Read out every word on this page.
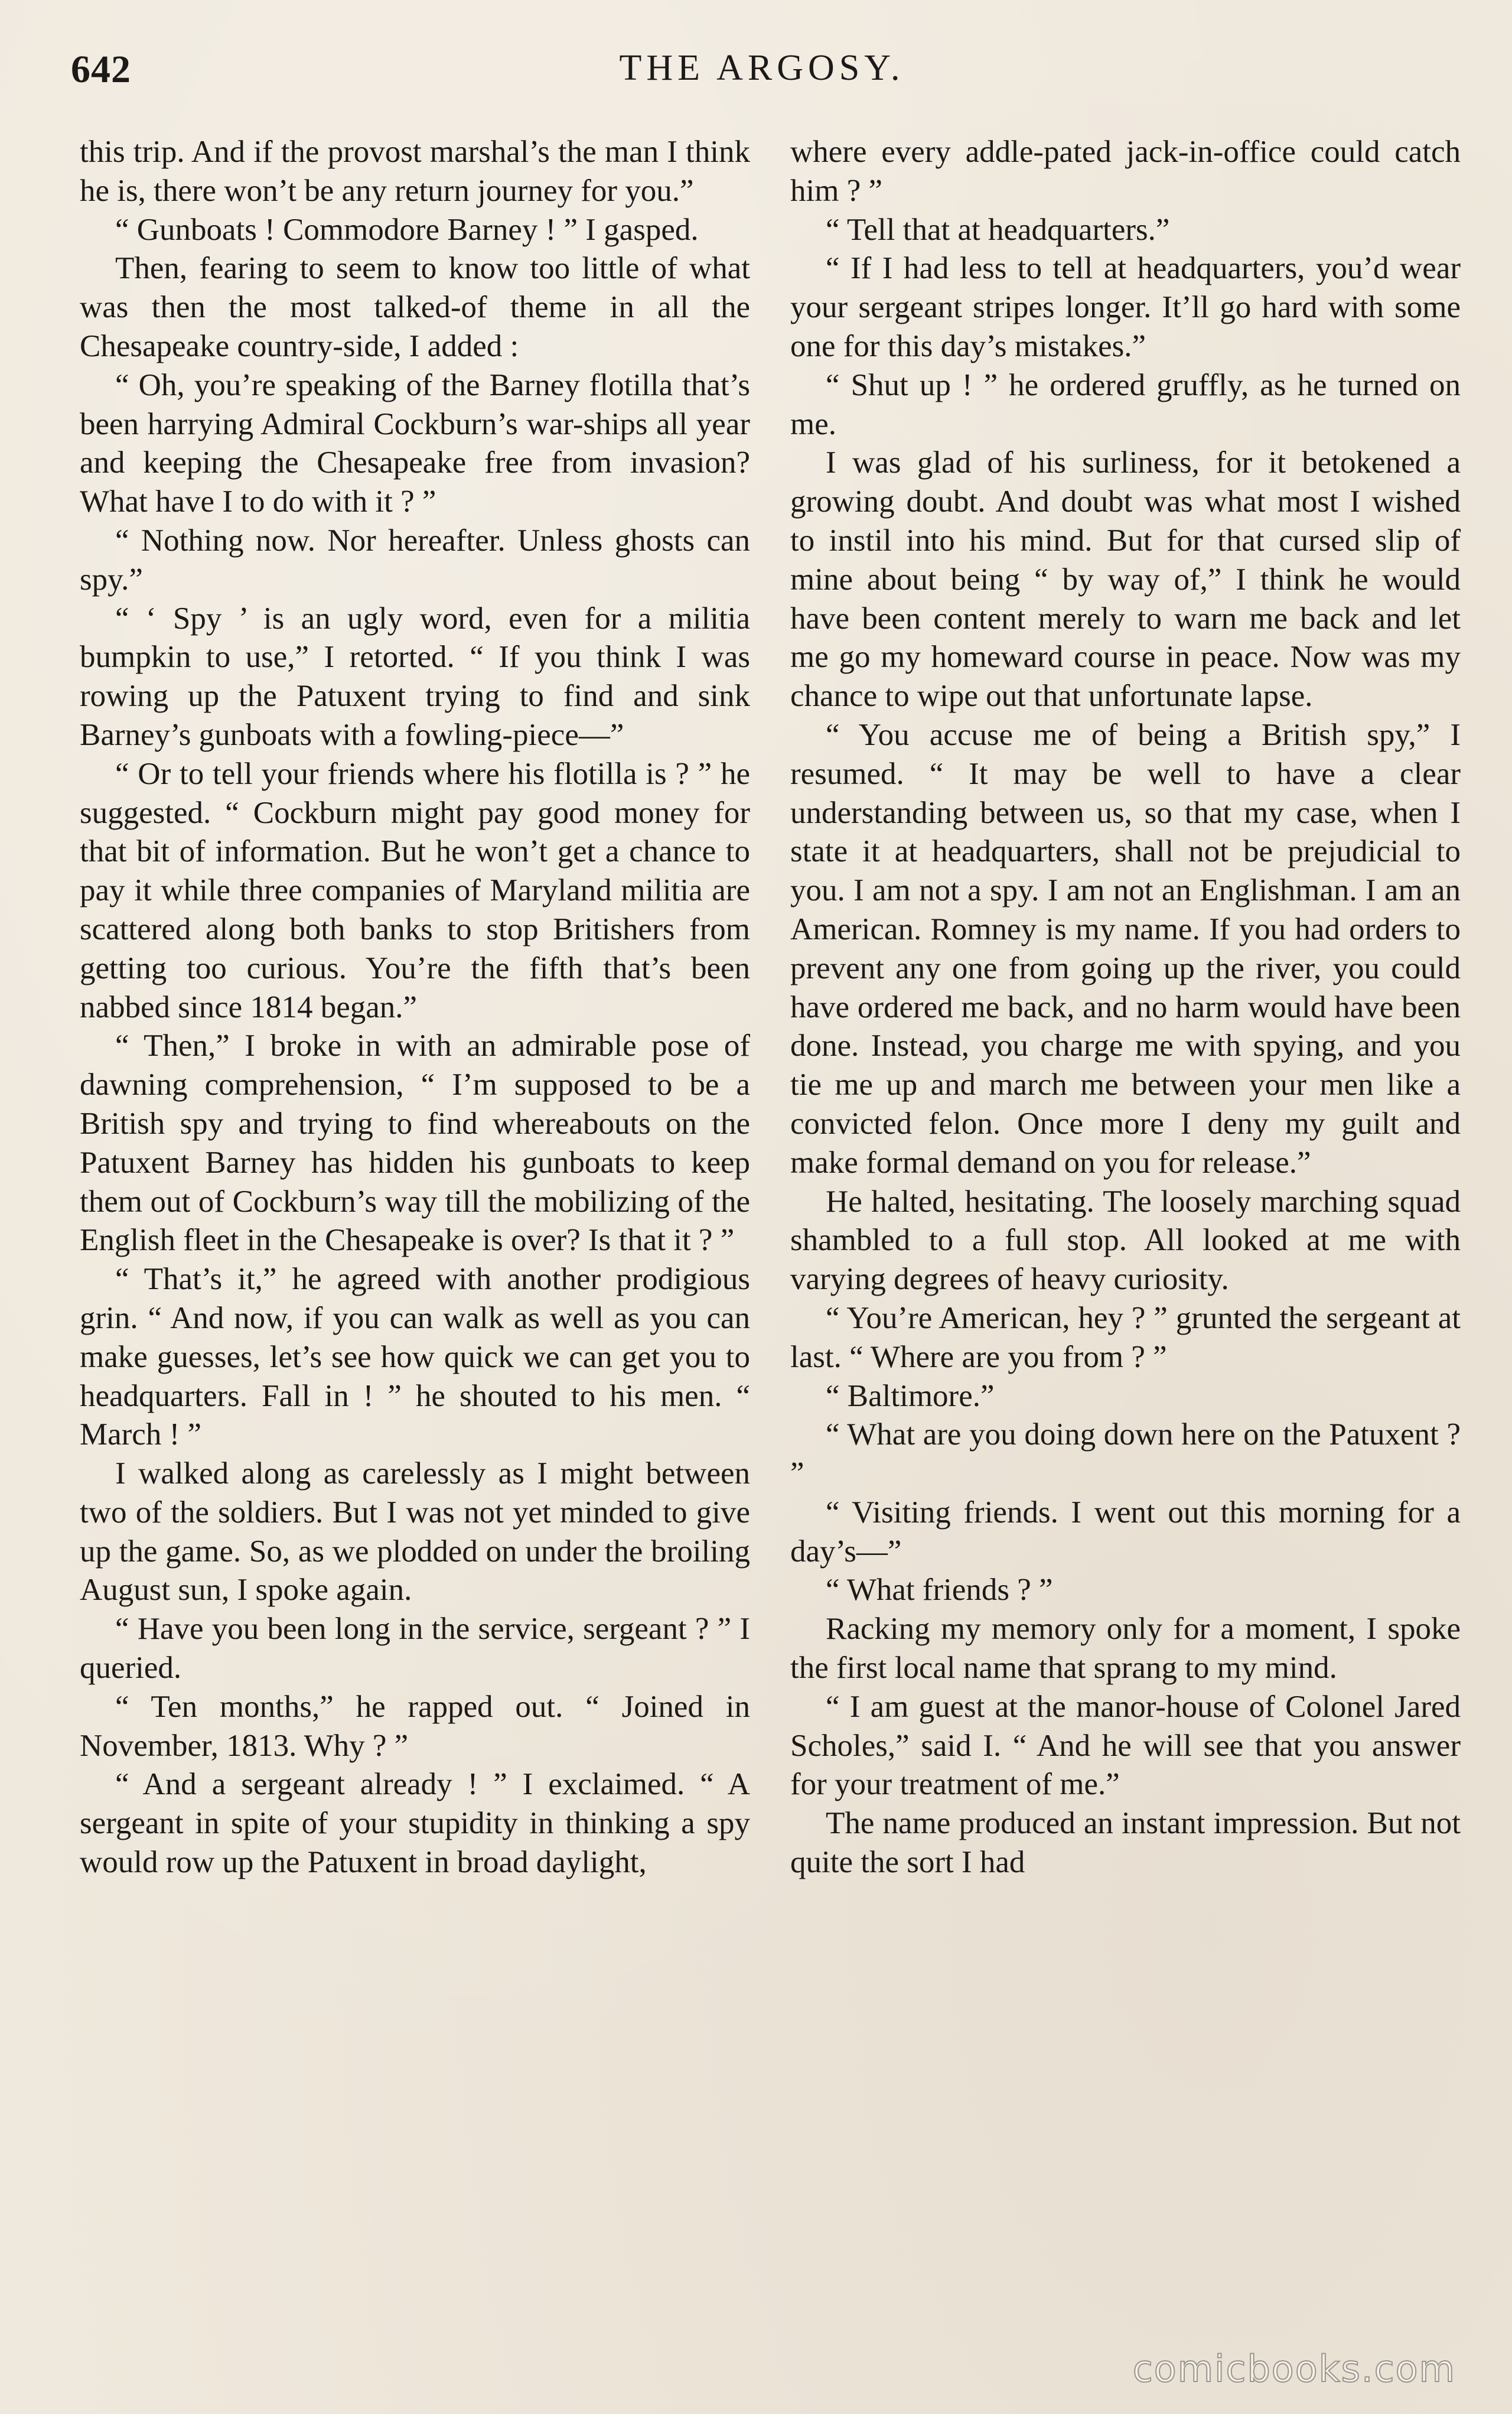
642	THE ARGOSY.

this trip. And if the provost marshal’s the man I think he is, there won’t be any return journey for you.”

“ Gunboats ! Commodore Barney ! ” I gasped.

Then, fearing to seem to know too little of what was then the most talked-of theme in all the Chesapeake country-side, I added :

“ Oh, you’re speaking of the Barney flotilla that’s been harrying Admiral Cockburn’s war-ships all year and keeping the Chesapeake free from invasion? What have I to do with it ? ”

“ Nothing now. Nor hereafter. Unless ghosts can spy.”

“ ‘ Spy ’ is an ugly word, even for a militia bumpkin to use,” I retorted. “ If you think I was rowing up the Patuxent trying to find and sink Barney’s gunboats with a fowling-piece—”

“ Or to tell your friends where his flotilla is ? ” he suggested. “ Cockburn might pay good money for that bit of information. But he won’t get a chance to pay it while three companies of Maryland militia are scattered along both banks to stop Britishers from getting too curious. You’re the fifth that’s been nabbed since 1814 began.”

“ Then,” I broke in with an admirable pose of dawning comprehension, “ I’m supposed to be a British spy and trying to find whereabouts on the Patuxent Barney has hidden his gunboats to keep them out of Cockburn’s way till the mobilizing of the English fleet in the Chesapeake is over? Is that it ? ”

“ That’s it,” he agreed with another prodigious grin. “ And now, if you can walk as well as you can make guesses, let’s see how quick we can get you to headquarters. Fall in ! ” he shouted to his men. “ March ! ”

I walked along as carelessly as I might between two of the soldiers. But I was not yet minded to give up the game. So, as we plodded on under the broiling August sun, I spoke again.

“ Have you been long in the service, sergeant ? ” I queried.

“ Ten months,” he rapped out. “ Joined in November, 1813. Why ? ”

“ And a sergeant already ! ” I exclaimed. “ A sergeant in spite of your stupidity in thinking a spy would row up the Patuxent in broad daylight,

where every addle-pated jack-in-office could catch him ? ”

“ Tell that at headquarters.”

“ If I had less to tell at headquarters, you’d wear your sergeant stripes longer. It’ll go hard with some one for this day’s mistakes.”

“ Shut up ! ” he ordered gruffly, as he turned on me.

I was glad of his surliness, for it betokened a growing doubt. And doubt was what most I wished to instil into his mind. But for that cursed slip of mine about being “ by way of,” I think he would have been content merely to warn me back and let me go my homeward course in peace. Now was my chance to wipe out that unfortunate lapse.

“ You accuse me of being a British spy,” I resumed. “ It may be well to have a clear understanding between us, so that my case, when I state it at headquarters, shall not be prejudicial to you. I am not a spy. I am not an Englishman. I am an American. Romney is my name. If you had orders to prevent any one from going up the river, you could have ordered me back, and no harm would have been done. Instead, you charge me with spying, and you tie me up and march me between your men like a convicted felon. Once more I deny my guilt and make formal demand on you for release.”

He halted, hesitating. The loosely marching squad shambled to a full stop. All looked at me with varying degrees of heavy curiosity.

“ You’re American, hey ? ” grunted the sergeant at last. “ Where are you from ? ”

“ Baltimore.”

“ What are you doing down here on the Patuxent ? ”

“ Visiting friends. I went out this morning for a day’s—”

“ What friends ? ”

Racking my memory only for a moment, I spoke the first local name that sprang to my mind.

“ I am guest at the manor-house of Colonel Jared Scholes,” said I. “ And he will see that you answer for your treatment of me.”

The name produced an instant impression. But not quite the sort I had

comicbooks.com
